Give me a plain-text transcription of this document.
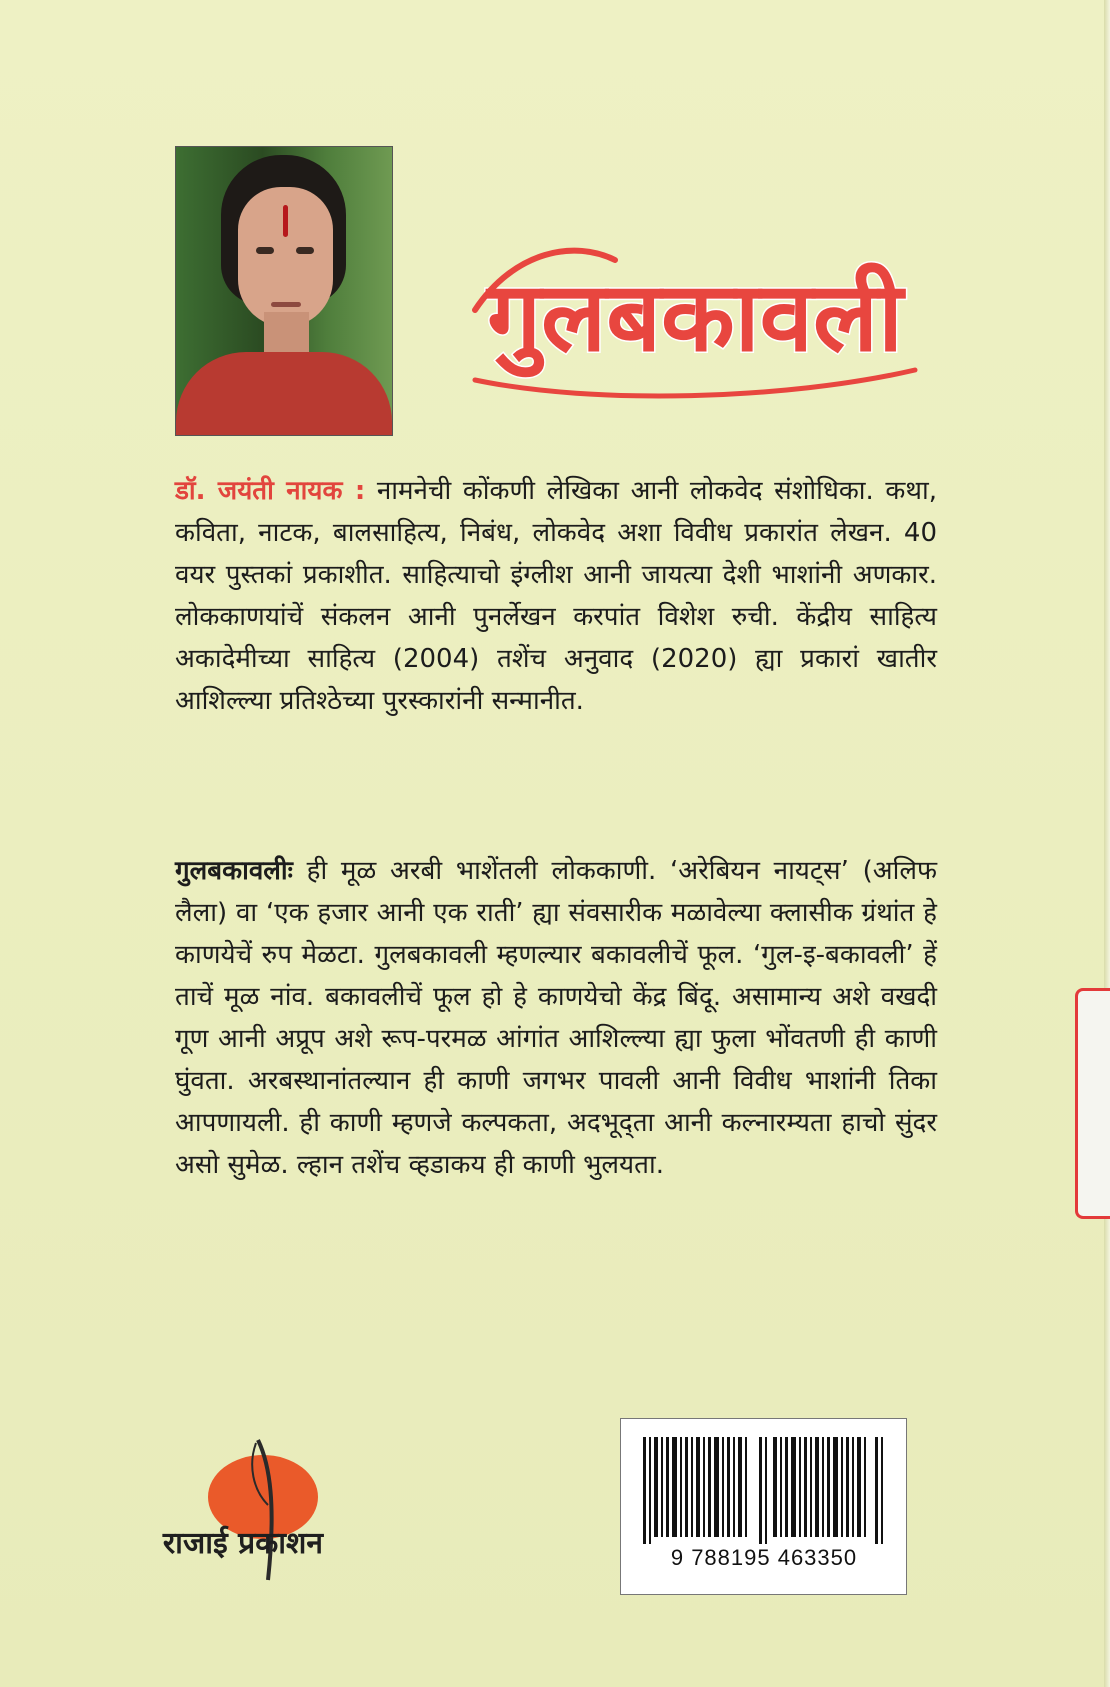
गुलबकावली
डॉ. जयंती नायक : नामनेची कोंकणी लेखिका आनी लोकवेद संशोधिका. कथा, कविता, नाटक, बालसाहित्य, निबंध, लोकवेद अशा विवीध प्रकारांत लेखन. 40 वयर पुस्तकां प्रकाशीत. साहित्याचो इंग्लीश आनी जायत्या देशी भाशांनी अणकार. लोककाणयांचें संकलन आनी पुनर्लेखन करपांत विशेश रुची. केंद्रीय साहित्य अकादेमीच्या साहित्य (2004) तशेंच अनुवाद (2020) ह्या प्रकारां खातीर आशिल्ल्या प्रतिश्ठेच्या पुरस्कारांनी सन्मानीत.
गुलबकावलीः ही मूळ अरबी भाशेंतली लोककाणी. ‘अरेबियन नायट्स’ (अलिफ लैला) वा ‘एक हजार आनी एक राती’ ह्या संवसारीक मळावेल्या क्लासीक ग्रंथांत हे काणयेचें रुप मेळटा. गुलबकावली म्हणल्यार बकावलीचें फूल. ‘गुल-इ-बकावली’ हें ताचें मूळ नांव. बकावलीचें फूल हो हे काणयेचो केंद्र बिंदू. असामान्य अशे वखदी गूण आनी अप्रूप अशे रूप-परमळ आंगांत आशिल्ल्या ह्या फुला भोंवतणी ही काणी घुंवता. अरबस्थानांतल्यान ही काणी जगभर पावली आनी विवीध भाशांनी तिका आपणायली. ही काणी म्हणजे कल्पकता, अदभूद्‌ता आनी कल्नारम्यता हाचो सुंदर असो सुमेळ. ल्हान तशेंच व्हडाकय ही काणी भुलयता.
राजाई प्रकाशन	9 788195 463350
